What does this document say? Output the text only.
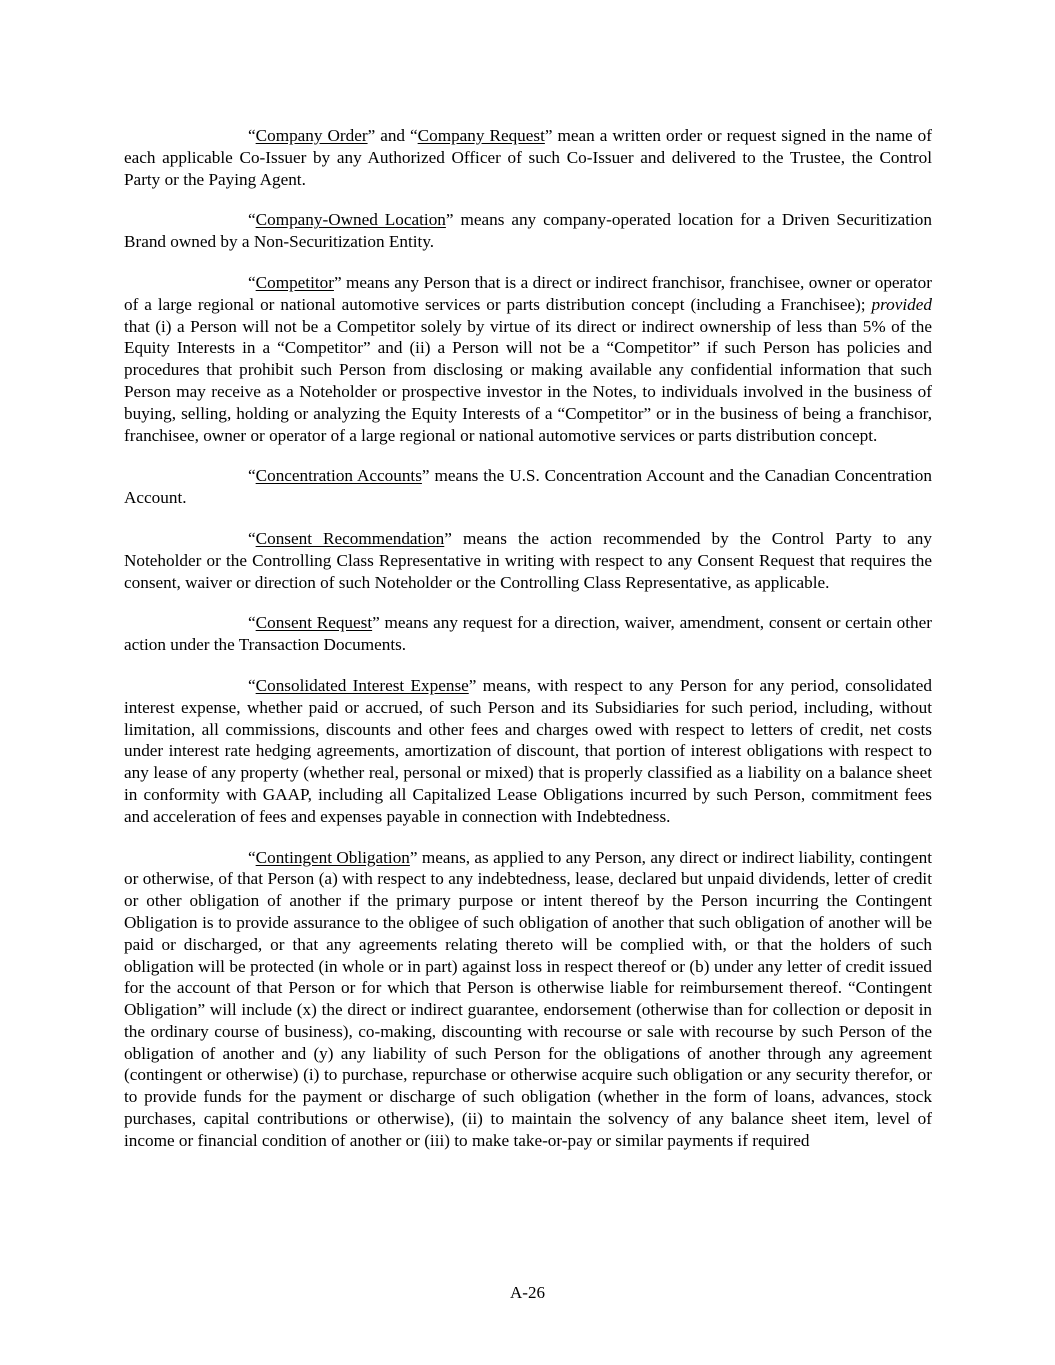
“Company Order” and “Company Request” mean a written order or request signed in the name of each applicable Co-Issuer by any Authorized Officer of such Co-Issuer and delivered to the Trustee, the Control Party or the Paying Agent.

“Company-Owned Location” means any company-operated location for a Driven Securitization Brand owned by a Non-Securitization Entity.

“Competitor” means any Person that is a direct or indirect franchisor, franchisee, owner or operator of a large regional or national automotive services or parts distribution concept (including a Franchisee); provided that (i) a Person will not be a Competitor solely by virtue of its direct or indirect ownership of less than 5% of the Equity Interests in a “Competitor” and (ii) a Person will not be a “Competitor” if such Person has policies and procedures that prohibit such Person from disclosing or making available any confidential information that such Person may receive as a Noteholder or prospective investor in the Notes, to individuals involved in the business of buying, selling, holding or analyzing the Equity Interests of a “Competitor” or in the business of being a franchisor, franchisee, owner or operator of a large regional or national automotive services or parts distribution concept.

“Concentration Accounts” means the U.S. Concentration Account and the Canadian Concentration Account.

“Consent Recommendation” means the action recommended by the Control Party to any Noteholder or the Controlling Class Representative in writing with respect to any Consent Request that requires the consent, waiver or direction of such Noteholder or the Controlling Class Representative, as applicable.

“Consent Request” means any request for a direction, waiver, amendment, consent or certain other action under the Transaction Documents.

“Consolidated Interest Expense” means, with respect to any Person for any period, consolidated interest expense, whether paid or accrued, of such Person and its Subsidiaries for such period, including, without limitation, all commissions, discounts and other fees and charges owed with respect to letters of credit, net costs under interest rate hedging agreements, amortization of discount, that portion of interest obligations with respect to any lease of any property (whether real, personal or mixed) that is properly classified as a liability on a balance sheet in conformity with GAAP, including all Capitalized Lease Obligations incurred by such Person, commitment fees and acceleration of fees and expenses payable in connection with Indebtedness.

“Contingent Obligation” means, as applied to any Person, any direct or indirect liability, contingent or otherwise, of that Person (a) with respect to any indebtedness, lease, declared but unpaid dividends, letter of credit or other obligation of another if the primary purpose or intent thereof by the Person incurring the Contingent Obligation is to provide assurance to the obligee of such obligation of another that such obligation of another will be paid or discharged, or that any agreements relating thereto will be complied with, or that the holders of such obligation will be protected (in whole or in part) against loss in respect thereof or (b) under any letter of credit issued for the account of that Person or for which that Person is otherwise liable for reimbursement thereof. “Contingent Obligation” will include (x) the direct or indirect guarantee, endorsement (otherwise than for collection or deposit in the ordinary course of business), co-making, discounting with recourse or sale with recourse by such Person of the obligation of another and (y) any liability of such Person for the obligations of another through any agreement (contingent or otherwise) (i) to purchase, repurchase or otherwise acquire such obligation or any security therefor, or to provide funds for the payment or discharge of such obligation (whether in the form of loans, advances, stock purchases, capital contributions or otherwise), (ii) to maintain the solvency of any balance sheet item, level of income or financial condition of another or (iii) to make take-or-pay or similar payments if required

A-26
